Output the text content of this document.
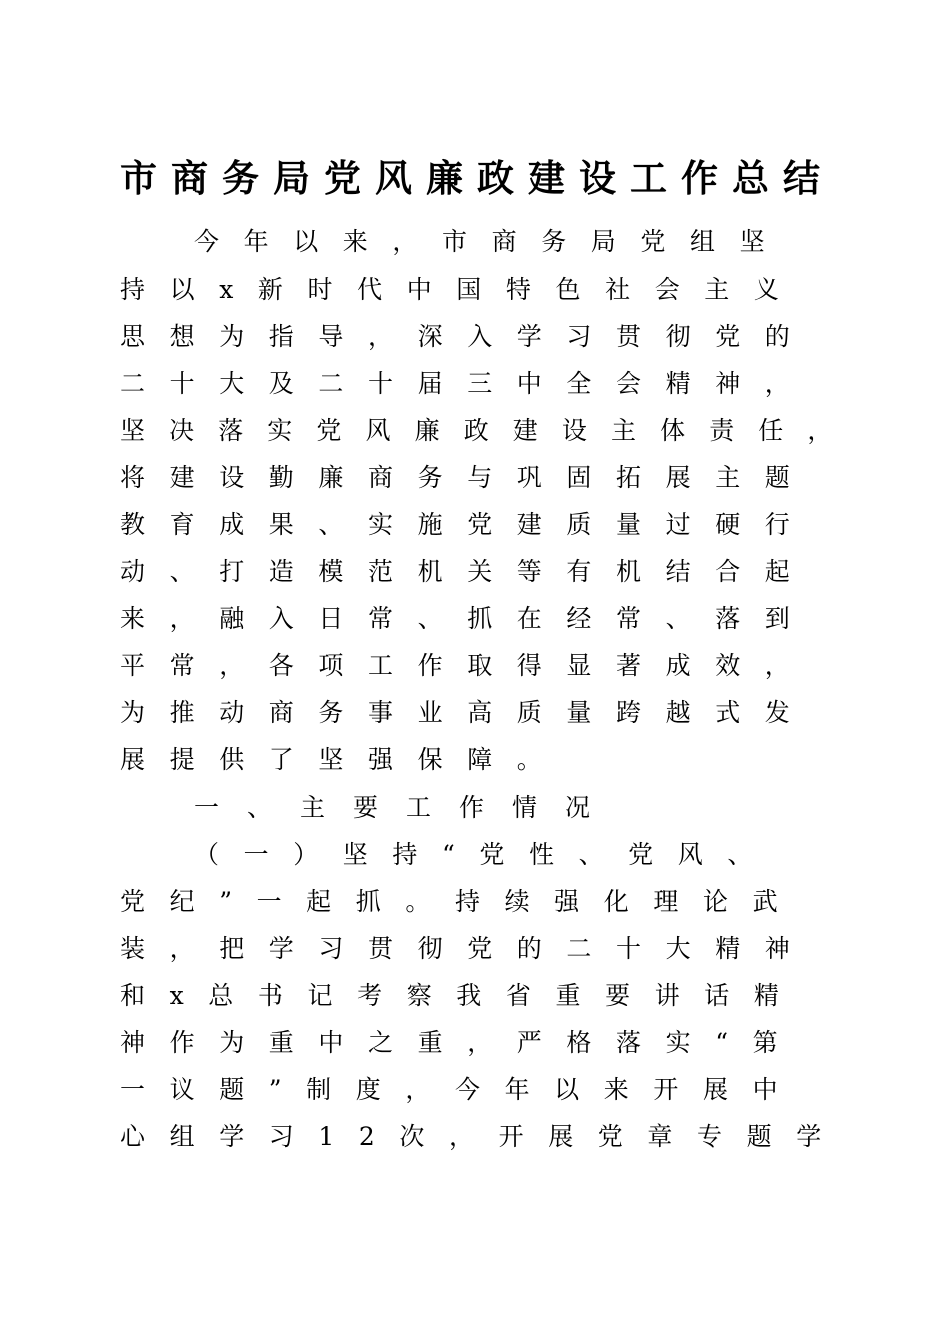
市商务局党风廉政建设工作总结
今年以来，市商务局党组坚
持以x新时代中国特色社会主义
思想为指导，深入学习贯彻党的
二十大及二十届三中全会精神，
坚决落实党风廉政建设主体责任，
将建设勤廉商务与巩固拓展主题
教育成果、实施党建质量过硬行
动、打造模范机关等有机结合起
来，融入日常、抓在经常、落到
平常，各项工作取得显著成效，
为推动商务事业高质量跨越式发
展提供了坚强保障。
一、主要工作情况
（一）坚持“党性、党风、
党纪”一起抓。持续强化理论武
装，把学习贯彻党的二十大精神
和x总书记考察我省重要讲话精
神作为重中之重，严格落实“第
一议题”制度，今年以来开展中
心组学习12次，开展党章专题学
